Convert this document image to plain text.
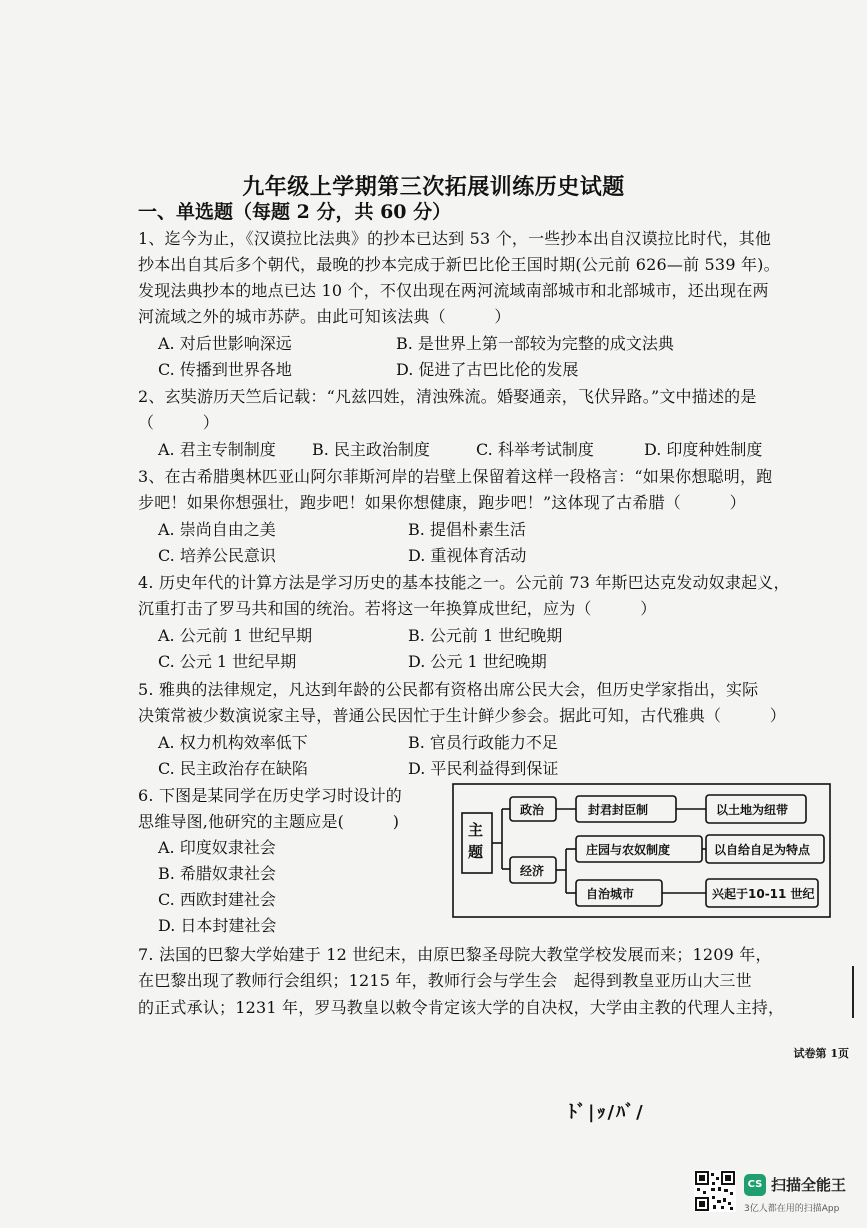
九年级上学期第三次拓展训练历史试题
一、单选题（每题 2 分，共 60 分）
1、迄今为止，《汉谟拉比法典》的抄本已达到 53 个，一些抄本出自汉谟拉比时代，其他
抄本出自其后多个朝代，最晚的抄本完成于新巴比伦王国时期(公元前 626—前 539 年)。
发现法典抄本的地点已达 10 个，不仅出现在两河流域南部城市和北部城市，还出现在两
河流域之外的城市苏萨。由此可知该法典（　　　）
A. 对后世影响深远	B. 是世界上第一部较为完整的成文法典
C. 传播到世界各地	D. 促进了古巴比伦的发展
2、玄奘游历天竺后记载：“凡兹四姓，清浊殊流。婚娶通亲，飞伏异路。”文中描述的是
（　　　）
A. 君主专制制度 B. 民主政治制度	C. 科举考试制度	D. 印度种姓制度
3、在古希腊奥林匹亚山阿尔菲斯河岸的岩壁上保留着这样一段格言：“如果你想聪明，跑
步吧！如果你想强壮，跑步吧！如果你想健康，跑步吧！”这体现了古希腊（　　　）
A. 崇尚自由之美	B. 提倡朴素生活
C. 培养公民意识	D. 重视体育活动
4. 历史年代的计算方法是学习历史的基本技能之一。公元前 73 年斯巴达克发动奴隶起义，
沉重打击了罗马共和国的统治。若将这一年换算成世纪，应为（　　　）
A. 公元前 1 世纪早期	B. 公元前 1 世纪晚期
C. 公元 1 世纪早期	D. 公元 1 世纪晚期
5. 雅典的法律规定，凡达到年龄的公民都有资格出席公民大会，但历史学家指出，实际
决策常被少数演说家主导，普通公民因忙于生计鲜少参会。据此可知，古代雅典（　　　）
A. 权力机构效率低下	B. 官员行政能力不足
C. 民主政治存在缺陷	D. 平民利益得到保证
6. 下图是某同学在历史学习时设计的
思维导图,他研究的主题应是(　　　)
A. 印度奴隶社会
B. 希腊奴隶社会
C. 西欧封建社会
D. 日本封建社会
主
题
政治	封君封臣制	以土地为纽带
经济
庄园与农奴制度	以自给自足为特点
自治城市	兴起于10-11 世纪
7. 法国的巴黎大学始建于 12 世纪末，由原巴黎圣母院大教堂学校发展而来；1209 年，
在巴黎出现了教师行会组织；1215 年，教师行会与学生会　起得到教皇亚历山大三世
的正式承认；1231 年，罗马教皇以敕令肯定该大学的自决权，大学由主教的代理人主持，
试卷第 1页
ﾄﾞ|ｯ/ﾊﾞ/
CS 扫描全能王
3亿人都在用的扫描App
